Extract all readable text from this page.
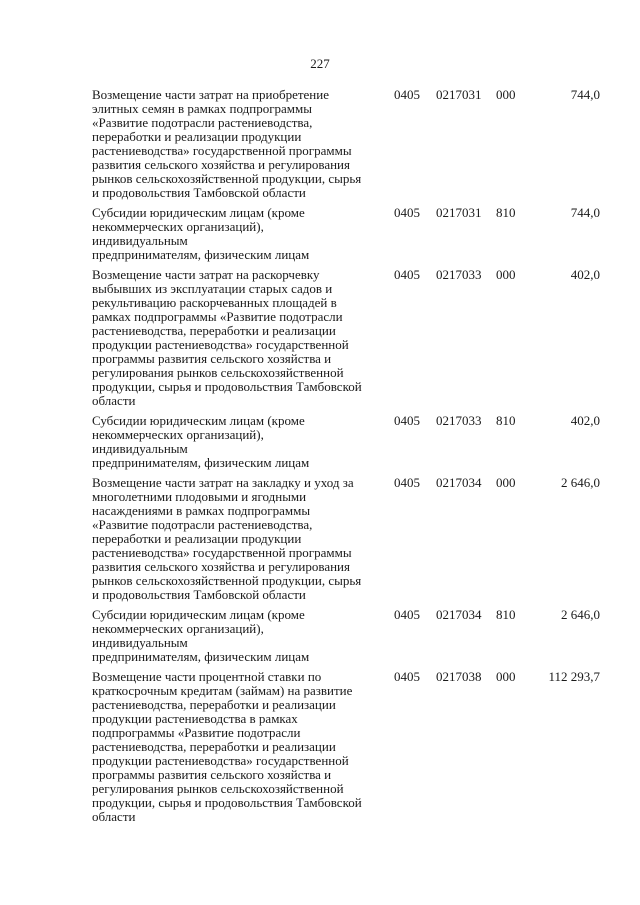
227
Возмещение части затрат на приобретение
элитных семян в рамках подпрограммы
«Развитие подотрасли растениеводства,
переработки и реализации продукции
растениеводства» государственной программы
развития сельского хозяйства и регулирования
рынков сельскохозяйственной продукции, сырья
и продовольствия Тамбовской области
0405 0217031 000	744,0
Субсидии юридическим лицам (кроме
некоммерческих организаций), индивидуальным
предпринимателям, физическим лицам
0405 0217031 810	744,0
Возмещение части затрат на раскорчевку
выбывших из эксплуатации старых садов и
рекультивацию раскорчеванных площадей в
рамках подпрограммы «Развитие подотрасли
растениеводства, переработки и реализации
продукции растениеводства» государственной
программы развития сельского хозяйства и
регулирования рынков сельскохозяйственной
продукции, сырья и продовольствия Тамбовской
области
0405 0217033 000	402,0
Субсидии юридическим лицам (кроме
некоммерческих организаций), индивидуальным
предпринимателям, физическим лицам
0405 0217033 810	402,0
Возмещение части затрат на закладку и уход за
многолетними плодовыми и ягодными
насаждениями в рамках подпрограммы
«Развитие подотрасли растениеводства,
переработки и реализации продукции
растениеводства» государственной программы
развития сельского хозяйства и регулирования
рынков сельскохозяйственной продукции, сырья
и продовольствия Тамбовской области
0405 0217034 000	2 646,0
Субсидии юридическим лицам (кроме
некоммерческих организаций), индивидуальным
предпринимателям, физическим лицам
0405 0217034 810	2 646,0
Возмещение части процентной ставки по
краткосрочным кредитам (займам) на развитие
растениеводства, переработки и реализации
продукции растениеводства в рамках
подпрограммы «Развитие подотрасли
растениеводства, переработки и реализации
продукции растениеводства» государственной
программы развития сельского хозяйства и
регулирования рынков сельскохозяйственной
продукции, сырья и продовольствия Тамбовской
области
0405 0217038 000	112 293,7
